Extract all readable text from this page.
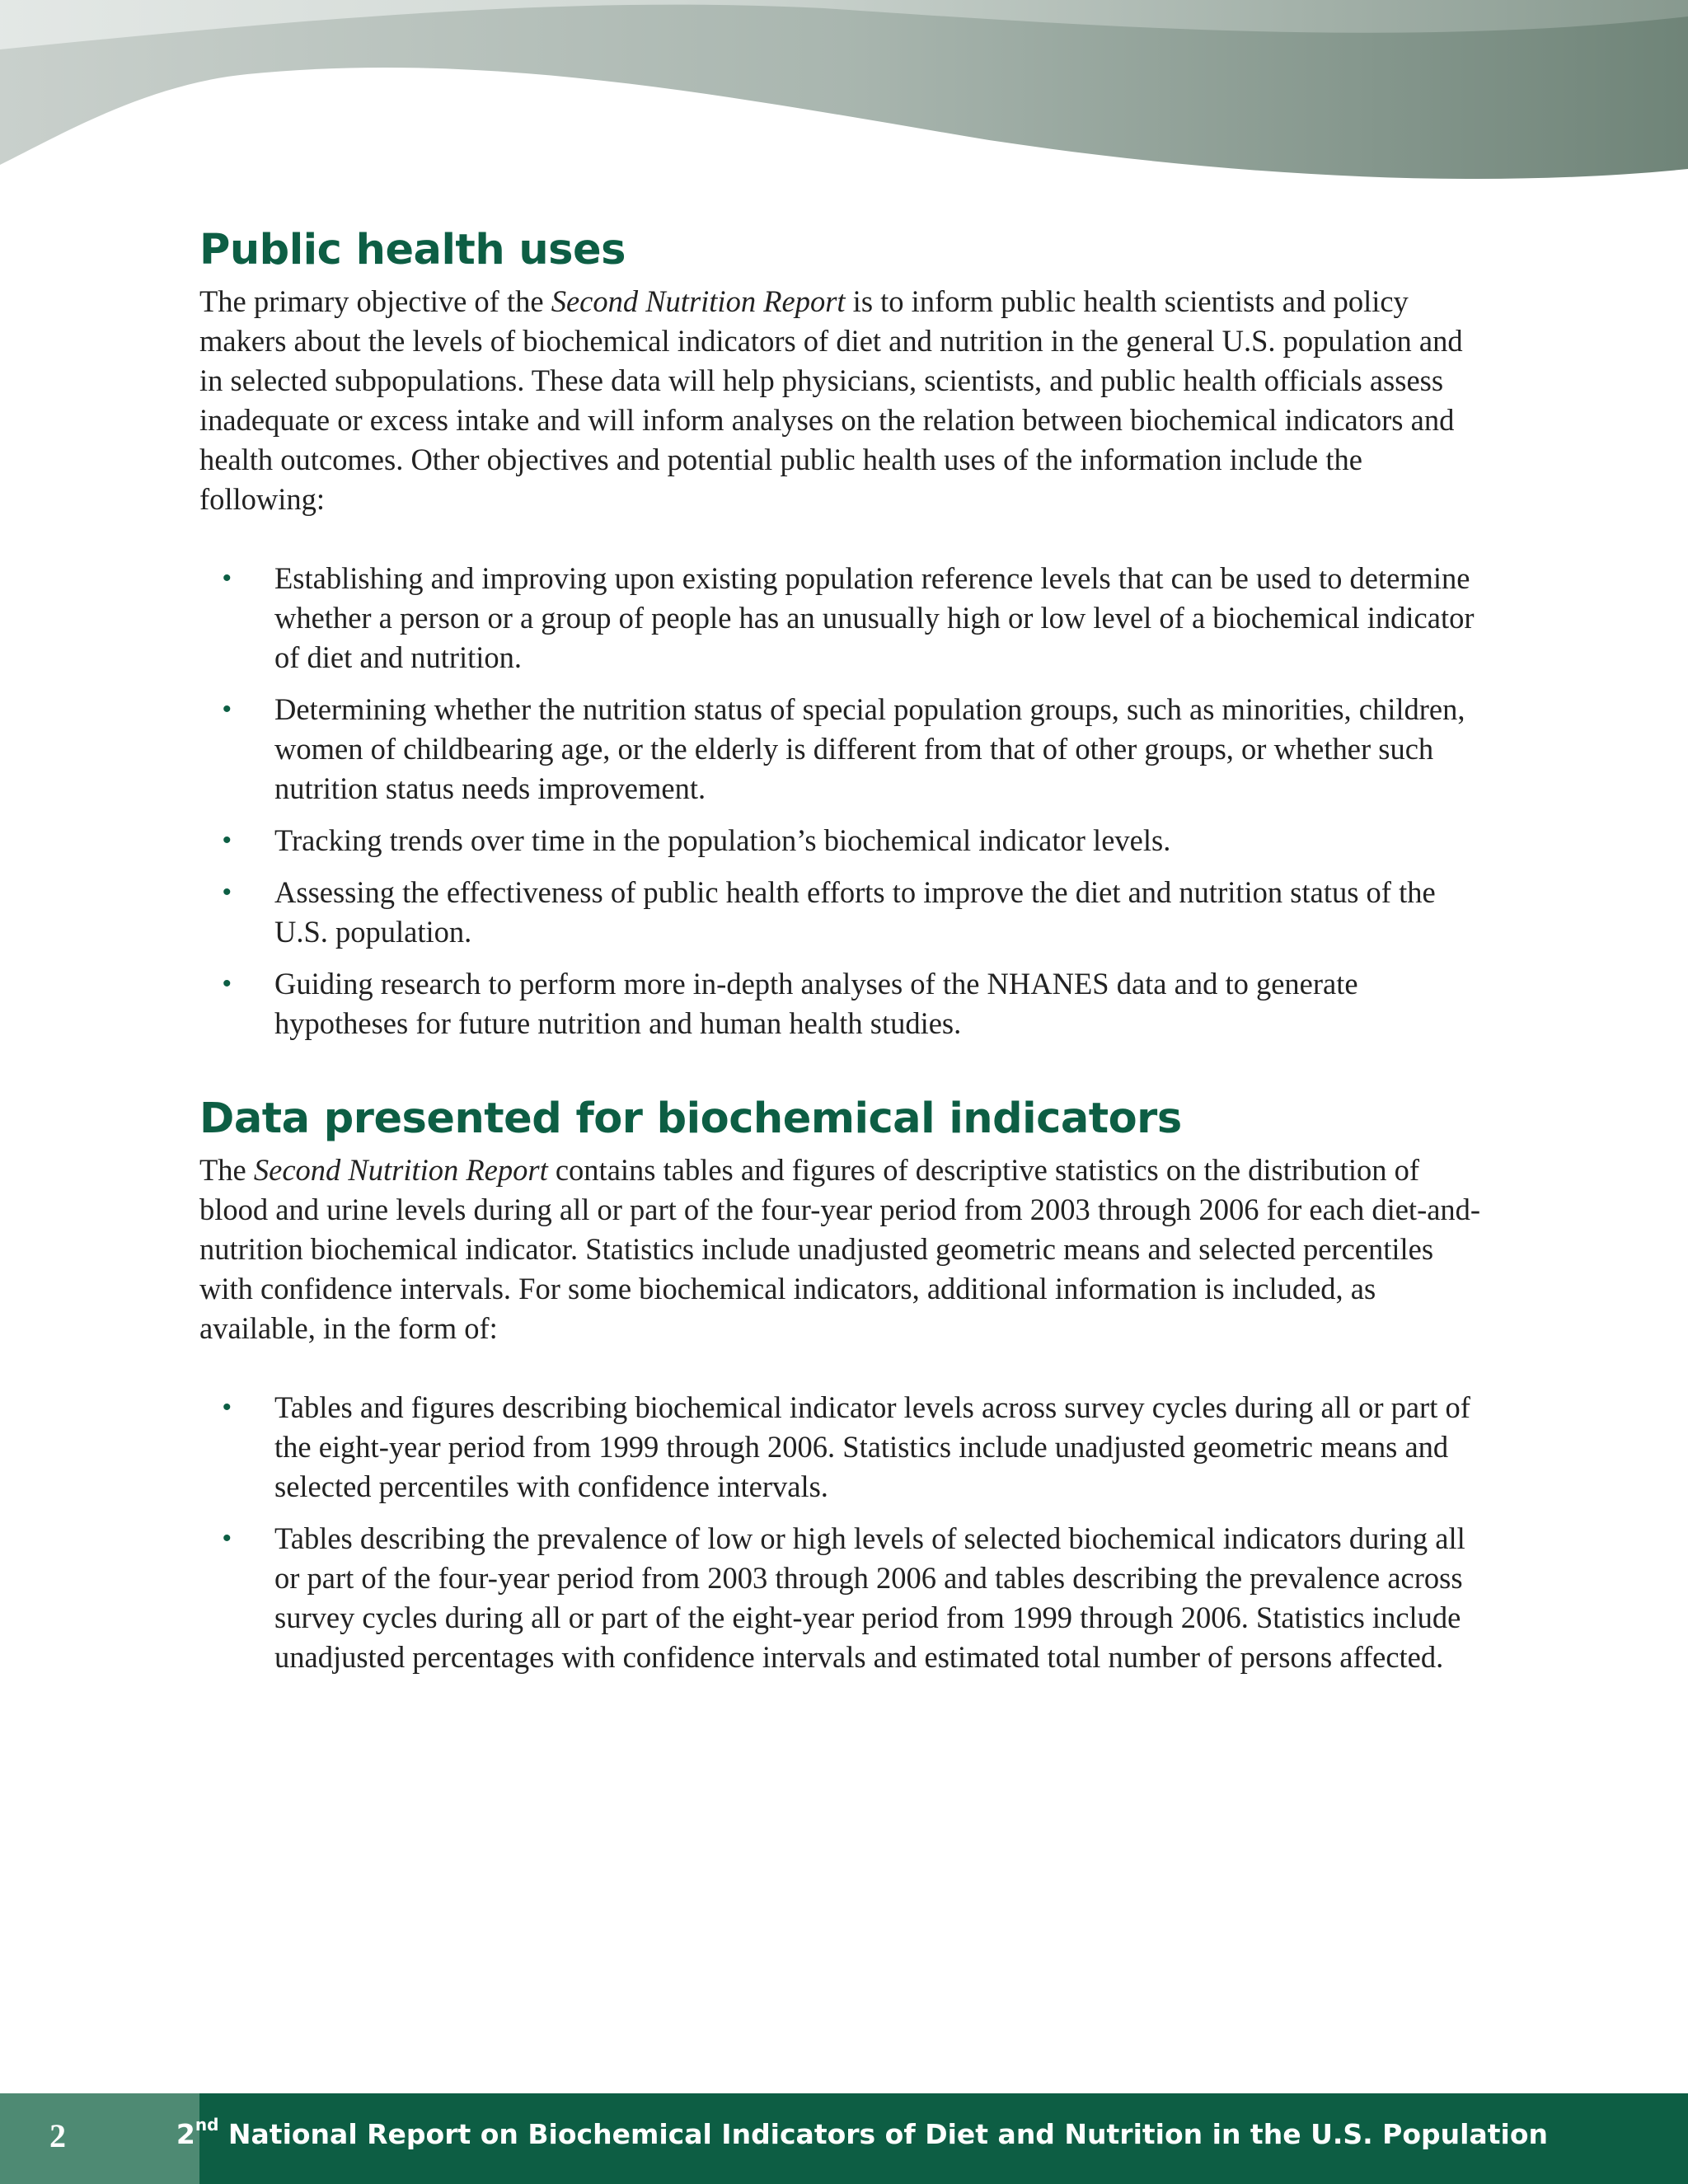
Public health uses

The primary objective of the Second Nutrition Report is to inform public health scientists and policy makers about the levels of biochemical indicators of diet and nutrition in the general U.S. population and in selected subpopulations. These data will help physicians, scientists, and public health officials assess inadequate or excess intake and will inform analyses on the relation between biochemical indicators and health outcomes. Other objectives and potential public health uses of the information include the following:

• Establishing and improving upon existing population reference levels that can be used to determine whether a person or a group of people has an unusually high or low level of a biochemical indicator of diet and nutrition.
• Determining whether the nutrition status of special population groups, such as minorities, children, women of childbearing age, or the elderly is different from that of other groups, or whether such nutrition status needs improvement.
• Tracking trends over time in the population’s biochemical indicator levels.
• Assessing the effectiveness of public health efforts to improve the diet and nutrition status of the U.S. population.
• Guiding research to perform more in-depth analyses of the NHANES data and to generate hypotheses for future nutrition and human health studies.
Data presented for biochemical indicators

The Second Nutrition Report contains tables and figures of descriptive statistics on the distribution of blood and urine levels during all or part of the four-year period from 2003 through 2006 for each diet-and-nutrition biochemical indicator. Statistics include unadjusted geometric means and selected percentiles with confidence intervals. For some biochemical indicators, additional information is included, as available, in the form of:

• Tables and figures describing biochemical indicator levels across survey cycles during all or part of the eight-year period from 1999 through 2006. Statistics include unadjusted geometric means and selected percentiles with confidence intervals.
• Tables describing the prevalence of low or high levels of selected biochemical indicators during all or part of the four-year period from 2003 through 2006 and tables describing the prevalence across survey cycles during all or part of the eight-year period from 1999 through 2006. Statistics include unadjusted percentages with confidence intervals and estimated total number of persons affected.
2	2nd National Report on Biochemical Indicators of Diet and Nutrition in the U.S. Population
